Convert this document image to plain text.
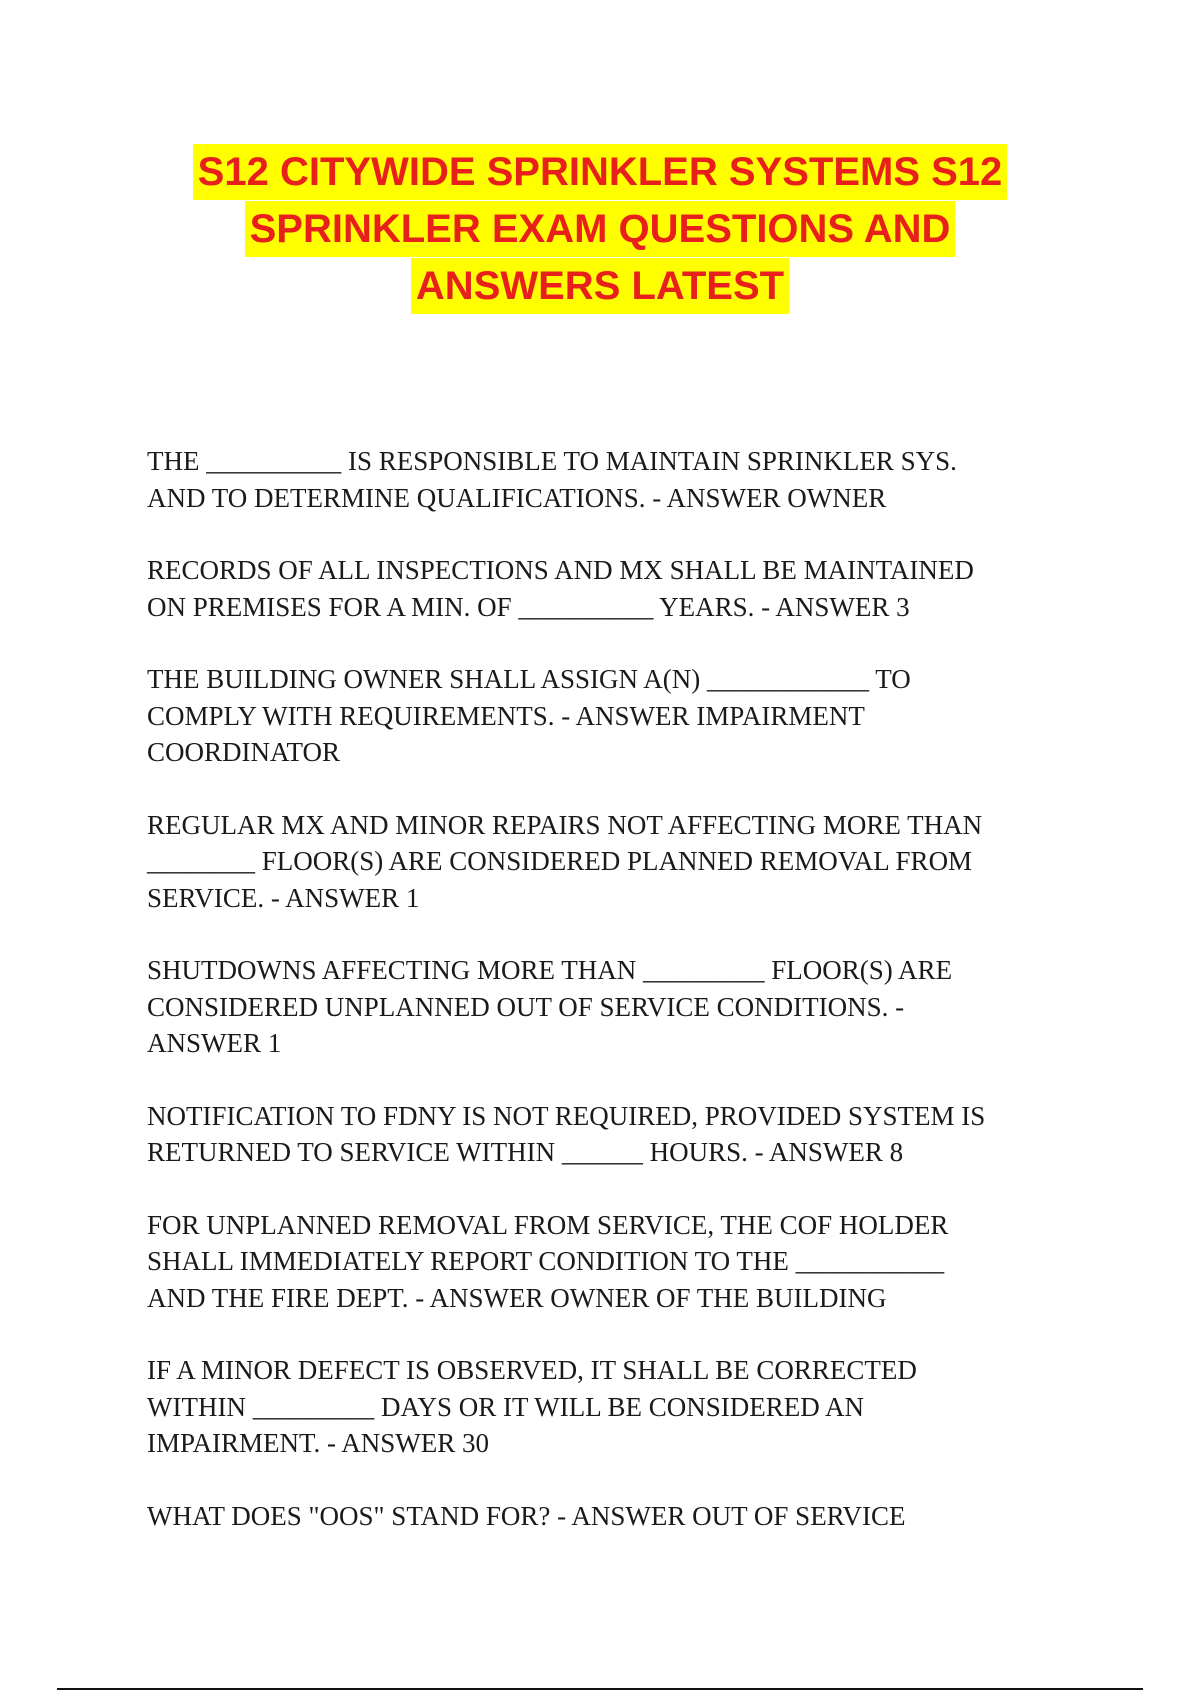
S12 CITYWIDE SPRINKLER SYSTEMS S12
SPRINKLER EXAM QUESTIONS AND
ANSWERS LATEST
THE __________ IS RESPONSIBLE TO MAINTAIN SPRINKLER SYS.
AND TO DETERMINE QUALIFICATIONS. - ANSWER OWNER
RECORDS OF ALL INSPECTIONS AND MX SHALL BE MAINTAINED
ON PREMISES FOR A MIN. OF __________ YEARS. - ANSWER 3
THE BUILDING OWNER SHALL ASSIGN A(N) ____________ TO
COMPLY WITH REQUIREMENTS. - ANSWER IMPAIRMENT
COORDINATOR
REGULAR MX AND MINOR REPAIRS NOT AFFECTING MORE THAN
________ FLOOR(S) ARE CONSIDERED PLANNED REMOVAL FROM
SERVICE. - ANSWER 1
SHUTDOWNS AFFECTING MORE THAN _________ FLOOR(S) ARE
CONSIDERED UNPLANNED OUT OF SERVICE CONDITIONS. -
ANSWER 1
NOTIFICATION TO FDNY IS NOT REQUIRED, PROVIDED SYSTEM IS
RETURNED TO SERVICE WITHIN ______ HOURS. - ANSWER 8
FOR UNPLANNED REMOVAL FROM SERVICE, THE COF HOLDER
SHALL IMMEDIATELY REPORT CONDITION TO THE ___________
AND THE FIRE DEPT. - ANSWER OWNER OF THE BUILDING
IF A MINOR DEFECT IS OBSERVED, IT SHALL BE CORRECTED
WITHIN _________ DAYS OR IT WILL BE CONSIDERED AN
IMPAIRMENT. - ANSWER 30
WHAT DOES "OOS" STAND FOR? - ANSWER OUT OF SERVICE
